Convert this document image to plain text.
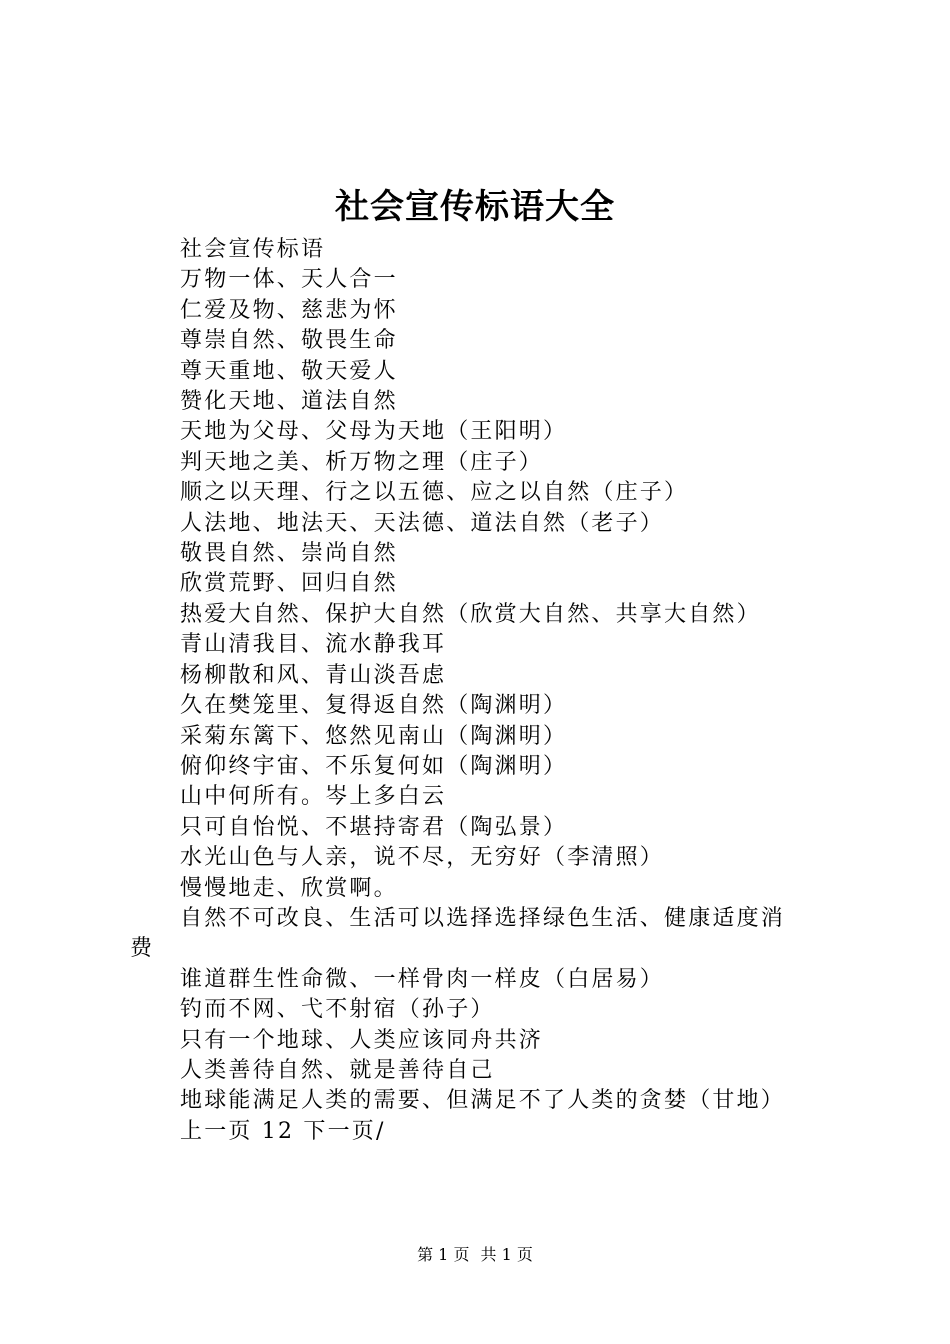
社会宣传标语大全
社会宣传标语
万物一体、天人合一
仁爱及物、慈悲为怀
尊崇自然、敬畏生命
尊天重地、敬天爱人
赞化天地、道法自然
天地为父母、父母为天地（王阳明）
判天地之美、析万物之理（庄子）
顺之以天理、行之以五德、应之以自然（庄子）
人法地、地法天、天法德、道法自然（老子）
敬畏自然、崇尚自然
欣赏荒野、回归自然
热爱大自然、保护大自然（欣赏大自然、共享大自然）
青山清我目、流水静我耳
杨柳散和风、青山淡吾虑
久在樊笼里、复得返自然（陶渊明）
采菊东篱下、悠然见南山（陶渊明）
俯仰终宇宙、不乐复何如（陶渊明）
山中何所有。岑上多白云
只可自怡悦、不堪持寄君（陶弘景）
水光山色与人亲，说不尽，无穷好（李清照）
慢慢地走、欣赏啊。
自然不可改良、生活可以选择选择绿色生活、健康适度消
费
谁道群生性命微、一样骨肉一样皮（白居易）
钓而不网、弋不射宿（孙子）
只有一个地球、人类应该同舟共济
人类善待自然、就是善待自己
地球能满足人类的需要、但满足不了人类的贪婪（甘地）
上一页 12 下一页/
第 1 页 共 1 页
